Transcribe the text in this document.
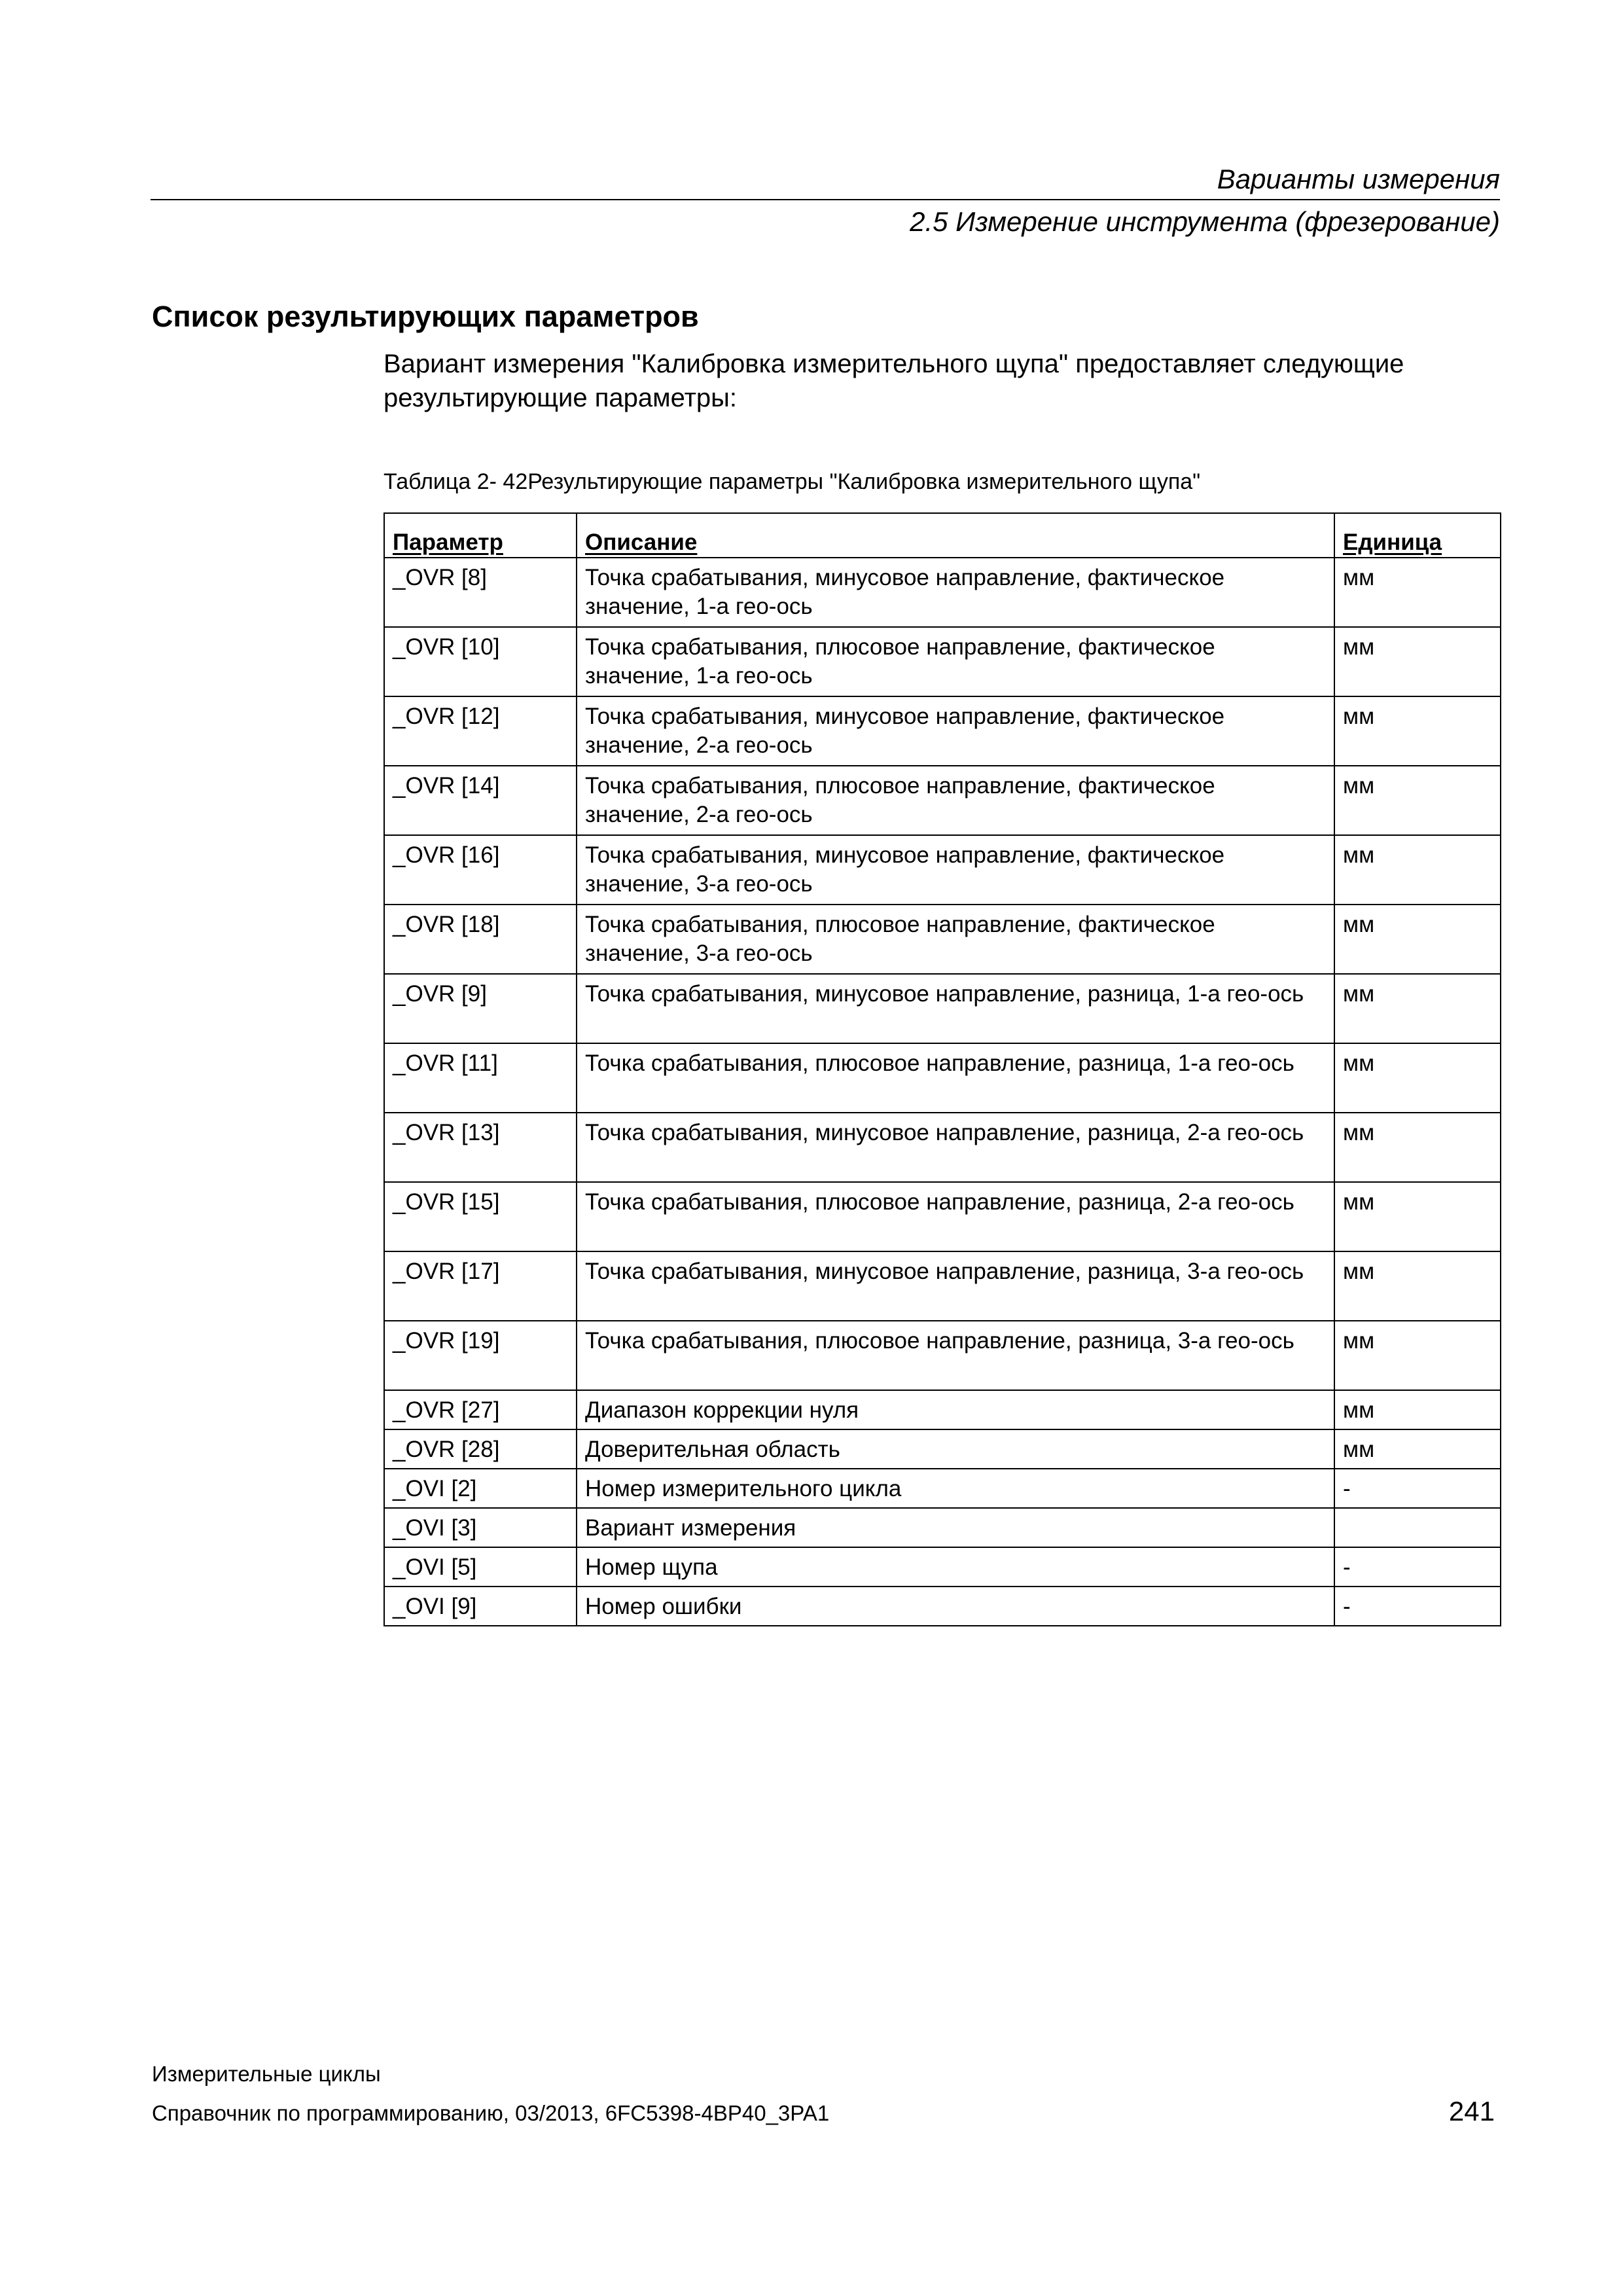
Варианты измерения
2.5 Измерение инструмента (фрезерование)
Список результирующих параметров
Вариант измерения "Калибровка измерительного щупа" предоставляет следующие результирующие параметры:
Таблица 2- 42Результирующие параметры "Калибровка измерительного щупа"
Параметр	Описание	Единица
_OVR [8]	Точка срабатывания, минусовое направление, фактическое значение, 1-а гео-ось	мм
_OVR [10]	Точка срабатывания, плюсовое направление, фактическое значение, 1-а гео-ось	мм
_OVR [12]	Точка срабатывания, минусовое направление, фактическое значение, 2-а гео-ось	мм
_OVR [14]	Точка срабатывания, плюсовое направление, фактическое значение, 2-а гео-ось	мм
_OVR [16]	Точка срабатывания, минусовое направление, фактическое значение, 3-а гео-ось	мм
_OVR [18]	Точка срабатывания, плюсовое направление, фактическое значение, 3-а гео-ось	мм
_OVR [9]	Точка срабатывания, минусовое направление, разница, 1-а гео-ось	мм
_OVR [11]	Точка срабатывания, плюсовое направление, разница, 1-а гео-ось	мм
_OVR [13]	Точка срабатывания, минусовое направление, разница, 2-а гео-ось	мм
_OVR [15]	Точка срабатывания, плюсовое направление, разница, 2-а гео-ось	мм
_OVR [17]	Точка срабатывания, минусовое направление, разница, 3-а гео-ось	мм
_OVR [19]	Точка срабатывания, плюсовое направление, разница, 3-а гео-ось	мм
_OVR [27]	Диапазон коррекции нуля	мм
_OVR [28]	Доверительная область	мм
_OVI [2]	Номер измерительного цикла	-
_OVI [3]	Вариант измерения	
_OVI [5]	Номер щупа	-
_OVI [9]	Номер ошибки	-
Измерительные циклы
Справочник по программированию, 03/2013, 6FC5398-4BP40_3PA1	241
